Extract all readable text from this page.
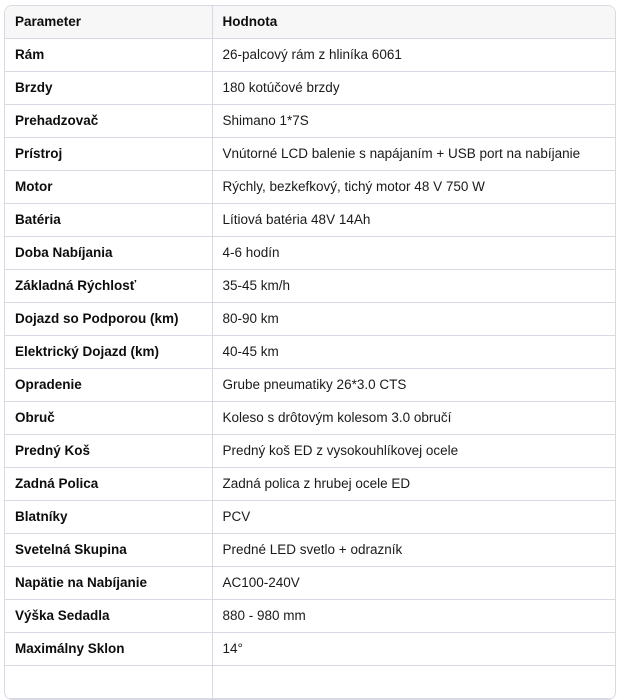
Parameter	Hodnota
Rám	26-palcový rám z hliníka 6061
Brzdy	180 kotúčové brzdy
Prehadzovač	Shimano 1*7S
Prístroj	Vnútorné LCD balenie s napájaním + USB port na nabíjanie
Motor	Rýchly, bezkefkový, tichý motor 48 V 750 W
Batéria	Lítiová batéria 48V 14Ah
Doba Nabíjania	4-6 hodín
Základná Rýchlosť	35-45 km/h
Dojazd so Podporou (km)	80-90 km
Elektrický Dojazd (km)	40-45 km
Opradenie	Grube pneumatiky 26*3.0 CTS
Obruč	Koleso s drôtovým kolesom 3.0 obručí
Predný Koš	Predný koš ED z vysokouhlíkovej ocele
Zadná Polica	Zadná polica z hrubej ocele ED
Blatníky	PCV
Svetelná Skupina	Predné LED svetlo + odrazník
Napätie na Nabíjanie	AC100-240V
Výška Sedadla	880 - 980 mm
Maximálny Sklon	14°
